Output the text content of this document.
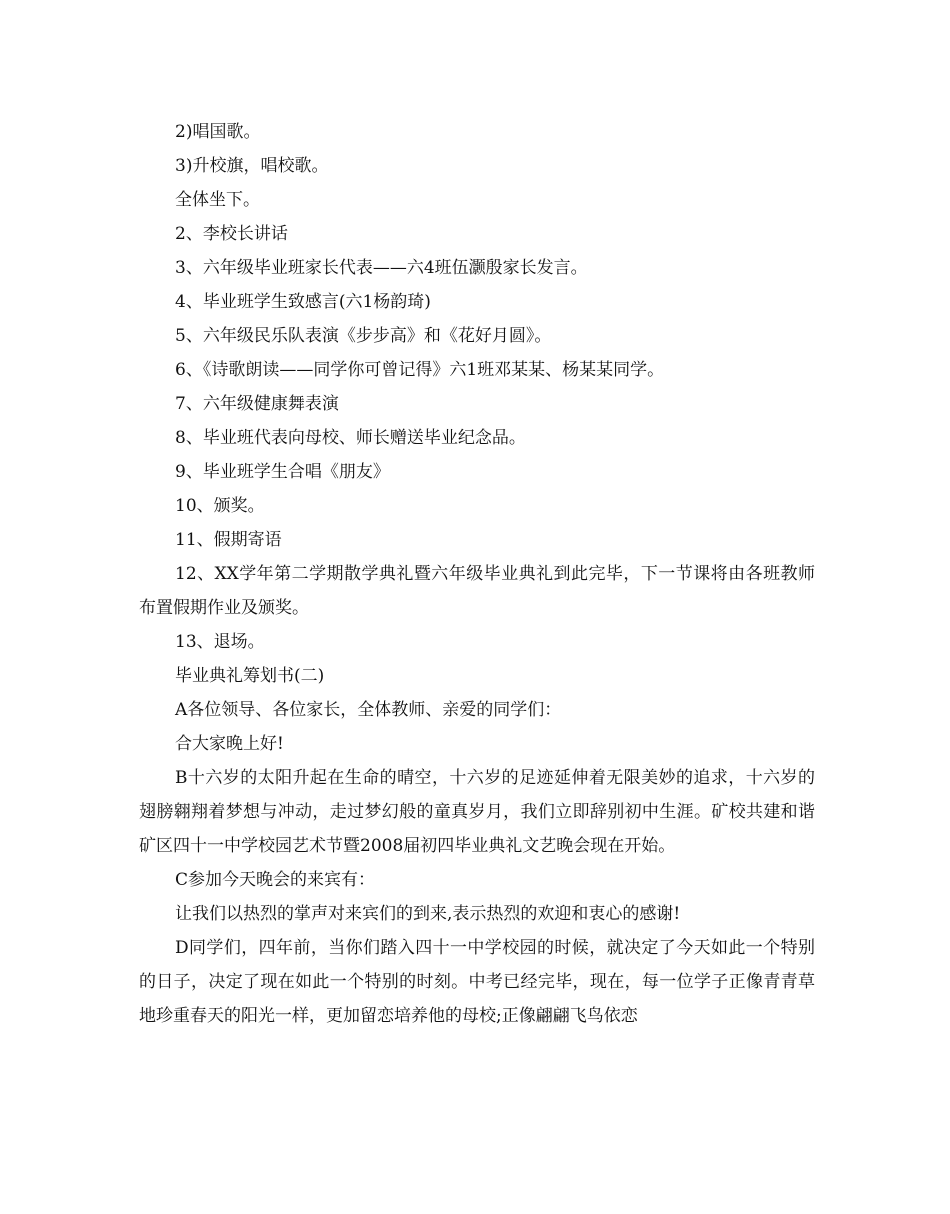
2)唱国歌。

3)升校旗，唱校歌。

全体坐下。

2、李校长讲话

3、六年级毕业班家长代表——六4班伍灏殷家长发言。

4、毕业班学生致感言(六1杨韵琦)

5、六年级民乐队表演《步步高》和《花好月圆》。

6、《诗歌朗读——同学你可曾记得》六1班邓某某、杨某某同学。

7、六年级健康舞表演

8、毕业班代表向母校、师长赠送毕业纪念品。

9、毕业班学生合唱《朋友》

10、颁奖。

11、假期寄语

12、XX学年第二学期散学典礼暨六年级毕业典礼到此完毕，下一节课将由各班教师布置假期作业及颁奖。

13、退场。

毕业典礼筹划书(二)

A各位领导、各位家长，全体教师、亲爱的同学们：

合大家晚上好!

B十六岁的太阳升起在生命的晴空，十六岁的足迹延伸着无限美妙的追求，十六岁的翅膀翱翔着梦想与冲动，走过梦幻般的童真岁月，我们立即辞别初中生涯。矿校共建和谐矿区四十一中学校园艺术节暨2008届初四毕业典礼文艺晚会现在开始。

C参加今天晚会的来宾有：

让我们以热烈的掌声对来宾们的到来,表示热烈的欢迎和衷心的感谢!

D同学们，四年前，当你们踏入四十一中学校园的时候，就决定了今天如此一个特别的日子，决定了现在如此一个特别的时刻。中考已经完毕，现在，每一位学子正像青青草地珍重春天的阳光一样，更加留恋培养他的母校;正像翩翩飞鸟依恋
